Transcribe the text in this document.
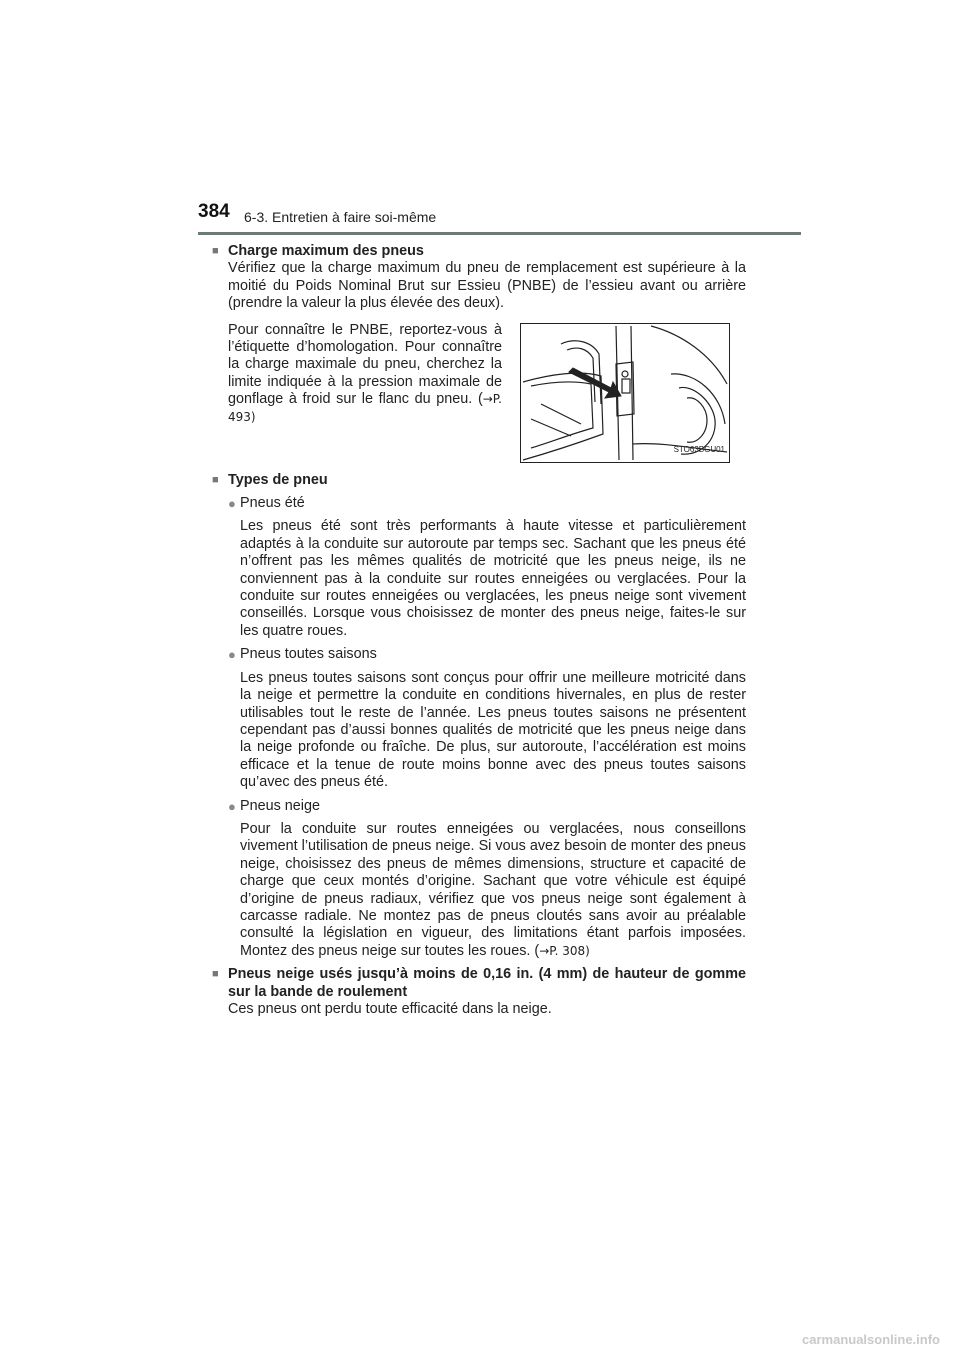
384 6-3. Entretien à faire soi-même
■ Charge maximum des pneus
Vérifiez que la charge maximum du pneu de remplacement est supérieure à la moitié du Poids Nominal Brut sur Essieu (PNBE) de l’essieu avant ou arrière (prendre la valeur la plus élevée des deux).
Pour connaître le PNBE, reportez-vous à l’étiquette d’homologation. Pour connaître la charge maximale du pneu, cherchez la limite indiquée à la pression maximale de gonflage à froid sur le flanc du pneu. (→P. 493)
STO63BGU01
■ Types de pneu
● Pneus été
Les pneus été sont très performants à haute vitesse et particulièrement adaptés à la conduite sur autoroute par temps sec. Sachant que les pneus été n’offrent pas les mêmes qualités de motricité que les pneus neige, ils ne conviennent pas à la conduite sur routes enneigées ou verglacées. Pour la conduite sur routes enneigées ou verglacées, les pneus neige sont vivement conseillés. Lorsque vous choisissez de monter des pneus neige, faites-le sur les quatre roues.
● Pneus toutes saisons
Les pneus toutes saisons sont conçus pour offrir une meilleure motricité dans la neige et permettre la conduite en conditions hivernales, en plus de rester utilisables tout le reste de l’année. Les pneus toutes saisons ne présentent cependant pas d’aussi bonnes qualités de motricité que les pneus neige dans la neige profonde ou fraîche. De plus, sur autoroute, l’accélération est moins efficace et la tenue de route moins bonne avec des pneus toutes saisons qu’avec des pneus été.
● Pneus neige
Pour la conduite sur routes enneigées ou verglacées, nous conseillons vivement l’utilisation de pneus neige. Si vous avez besoin de monter des pneus neige, choisissez des pneus de mêmes dimensions, structure et capacité de charge que ceux montés d’origine. Sachant que votre véhicule est équipé d’origine de pneus radiaux, vérifiez que vos pneus neige sont également à carcasse radiale. Ne montez pas de pneus cloutés sans avoir au préalable consulté la législation en vigueur, des limitations étant parfois imposées. Montez des pneus neige sur toutes les roues. (→P. 308)
■ Pneus neige usés jusqu’à moins de 0,16 in. (4 mm) de hauteur de gomme sur la bande de roulement
Ces pneus ont perdu toute efficacité dans la neige.
carmanualsonline.info
